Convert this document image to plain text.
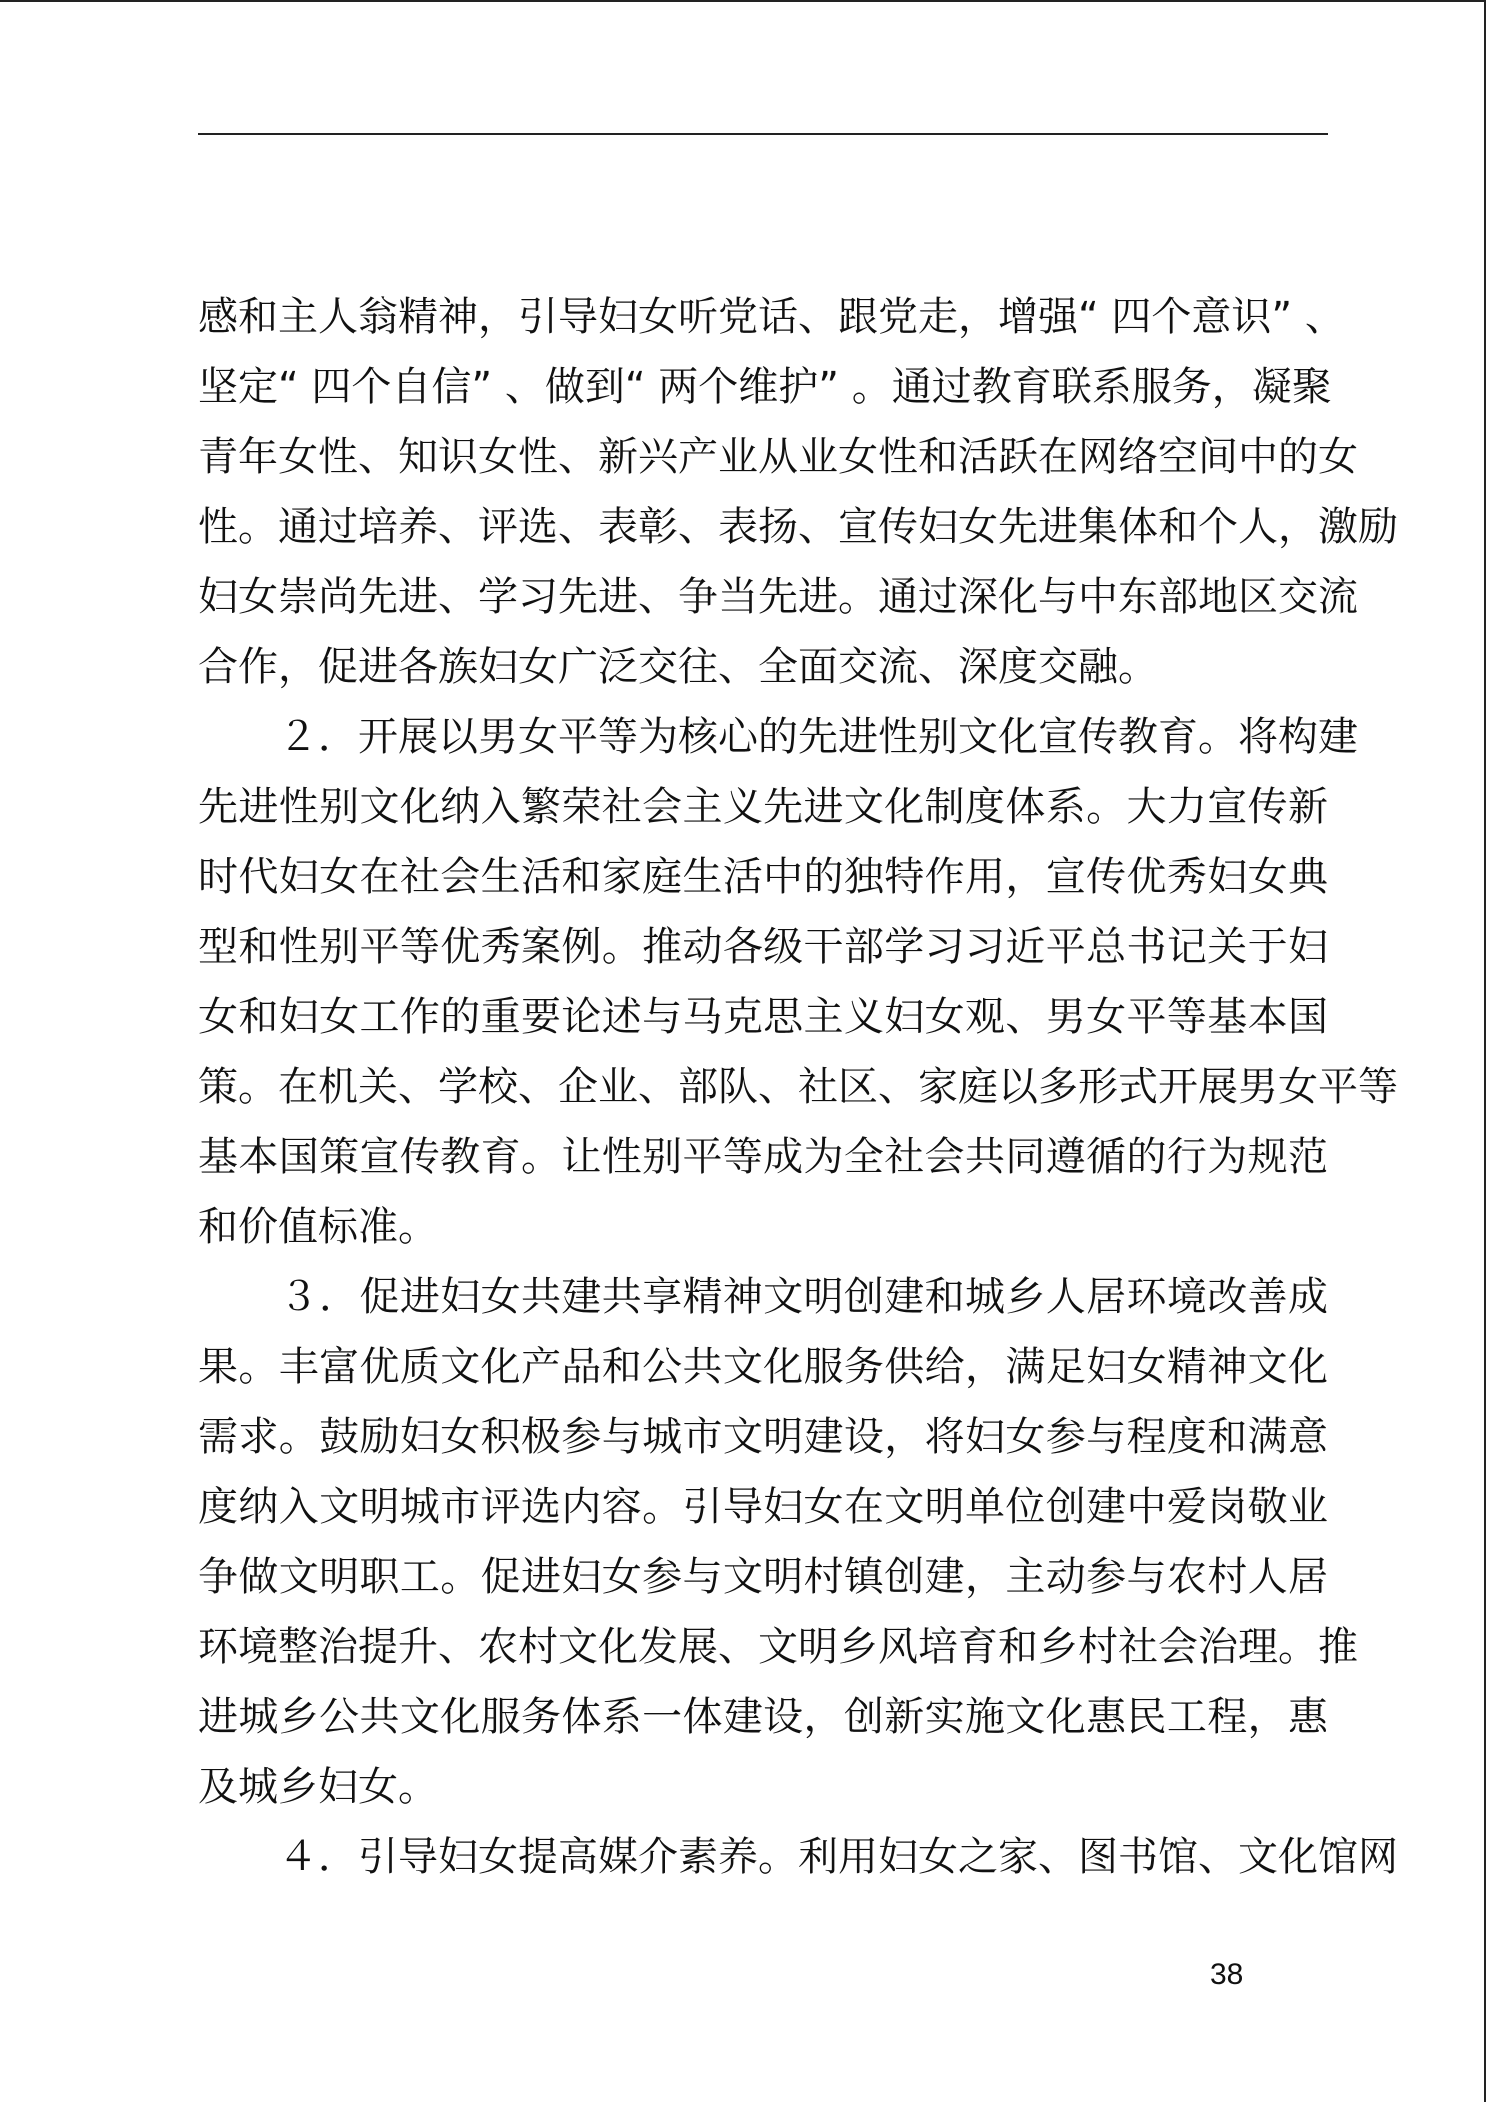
感和主人翁精神，引导妇女听党话、跟党走，增强“ 四个意识” 、
坚定“ 四个自信” 、做到“ 两个维护” 。通过教育联系服务，凝聚
青年女性、知识女性、新兴产业从业女性和活跃在网络空间中的女
性。通过培养、评选、表彰、表扬、宣传妇女先进集体和个人，激励
妇女崇尚先进、学习先进、争当先进。通过深化与中东部地区交流
合作，促进各族妇女广泛交往、全面交流、深度交融。
　　２．开展以男女平等为核心的先进性别文化宣传教育。将构建
先进性别文化纳入繁荣社会主义先进文化制度体系。大力宣传新
时代妇女在社会生活和家庭生活中的独特作用，宣传优秀妇女典
型和性别平等优秀案例。推动各级干部学习习近平总书记关于妇
女和妇女工作的重要论述与马克思主义妇女观、男女平等基本国
策。在机关、学校、企业、部队、社区、家庭以多形式开展男女平等
基本国策宣传教育。让性别平等成为全社会共同遵循的行为规范
和价值标准。
　　３．促进妇女共建共享精神文明创建和城乡人居环境改善成
果。丰富优质文化产品和公共文化服务供给，满足妇女精神文化
需求。鼓励妇女积极参与城市文明建设，将妇女参与程度和满意
度纳入文明城市评选内容。引导妇女在文明单位创建中爱岗敬业
争做文明职工。促进妇女参与文明村镇创建，主动参与农村人居
环境整治提升、农村文化发展、文明乡风培育和乡村社会治理。推
进城乡公共文化服务体系一体建设，创新实施文化惠民工程，惠
及城乡妇女。
　　４．引导妇女提高媒介素养。利用妇女之家、图书馆、文化馆网
38
